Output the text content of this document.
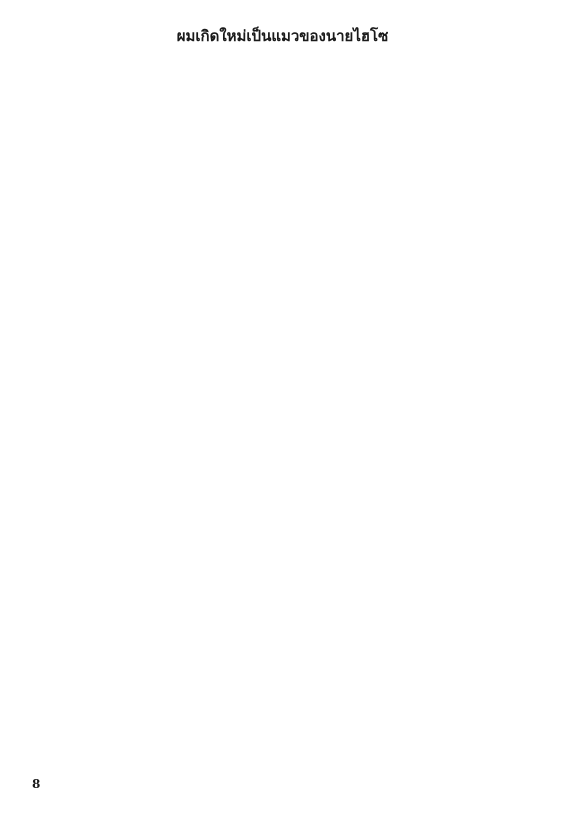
ผมเกิดใหม่เป็นแมวของนายไฮโซ

8
